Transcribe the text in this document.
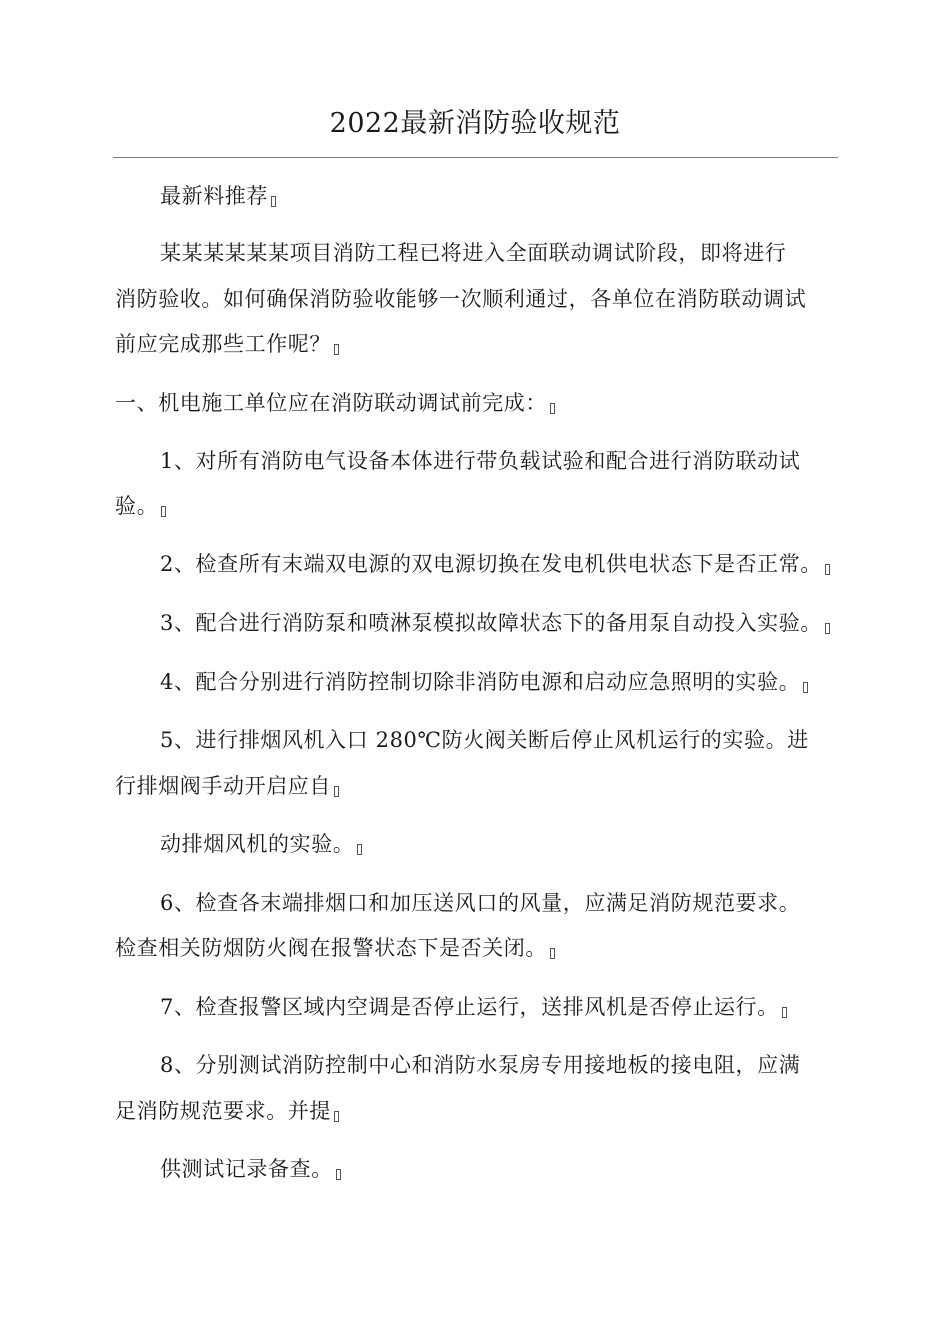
2022最新消防验收规范
最新料推荐
某某某某某某项目消防工程已将进入全面联动调试阶段，即将进行
消防验收。如何确保消防验收能够一次顺利通过，各单位在消防联动调试
前应完成那些工作呢？
一、机电施工单位应在消防联动调试前完成：
1、对所有消防电气设备本体进行带负载试验和配合进行消防联动试
验。
2、检查所有末端双电源的双电源切换在发电机供电状态下是否正常。
3、配合进行消防泵和喷淋泵模拟故障状态下的备用泵自动投入实验。
4、配合分别进行消防控制切除非消防电源和启动应急照明的实验。
5、进行排烟风机入口 280℃防火阀关断后停止风机运行的实验。进
行排烟阀手动开启应自
动排烟风机的实验。
6、检查各末端排烟口和加压送风口的风量，应满足消防规范要求。
检查相关防烟防火阀在报警状态下是否关闭。
7、检查报警区域内空调是否停止运行，送排风机是否停止运行。
8、分别测试消防控制中心和消防水泵房专用接地板的接电阻，应满
足消防规范要求。并提
供测试记录备查。
